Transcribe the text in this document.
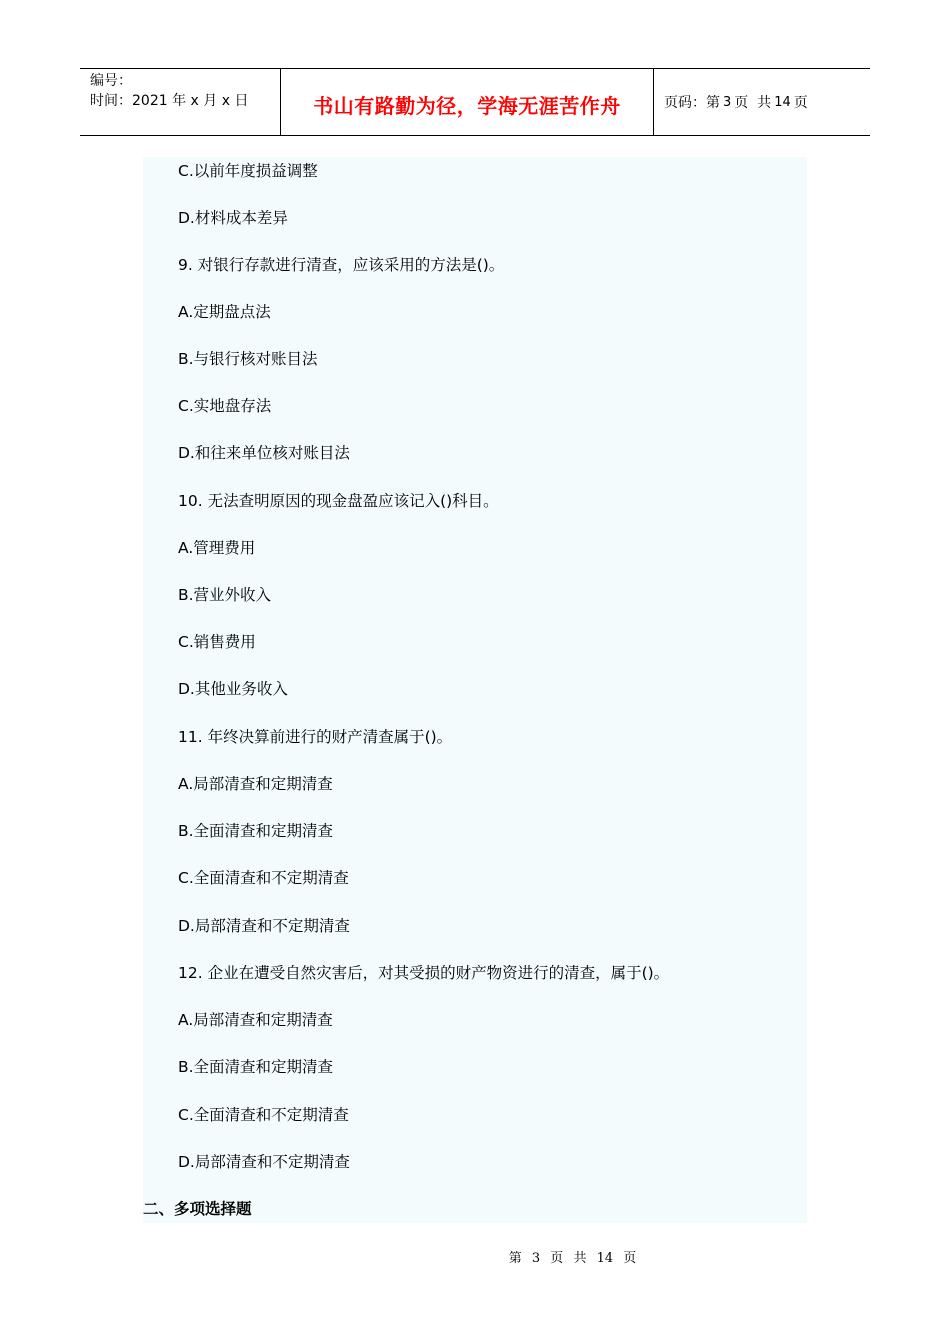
编号：
时间：2021 年 x 月 x 日	书山有路勤为径，学海无涯苦作舟	页码：第 3 页  共 14 页
C.以前年度损益调整
D.材料成本差异
9. 对银行存款进行清查，应该采用的方法是()。
A.定期盘点法
B.与银行核对账目法
C.实地盘存法
D.和往来单位核对账目法
10. 无法查明原因的现金盘盈应该记入()科目。
A.管理费用
B.营业外收入
C.销售费用
D.其他业务收入
11. 年终决算前进行的财产清查属于()。
A.局部清查和定期清查
B.全面清查和定期清查
C.全面清查和不定期清查
D.局部清查和不定期清查
12. 企业在遭受自然灾害后，对其受损的财产物资进行的清查，属于()。
A.局部清查和定期清查
B.全面清查和定期清查
C.全面清查和不定期清查
D.局部清查和不定期清查
二、多项选择题
第 3 页 共 14 页
